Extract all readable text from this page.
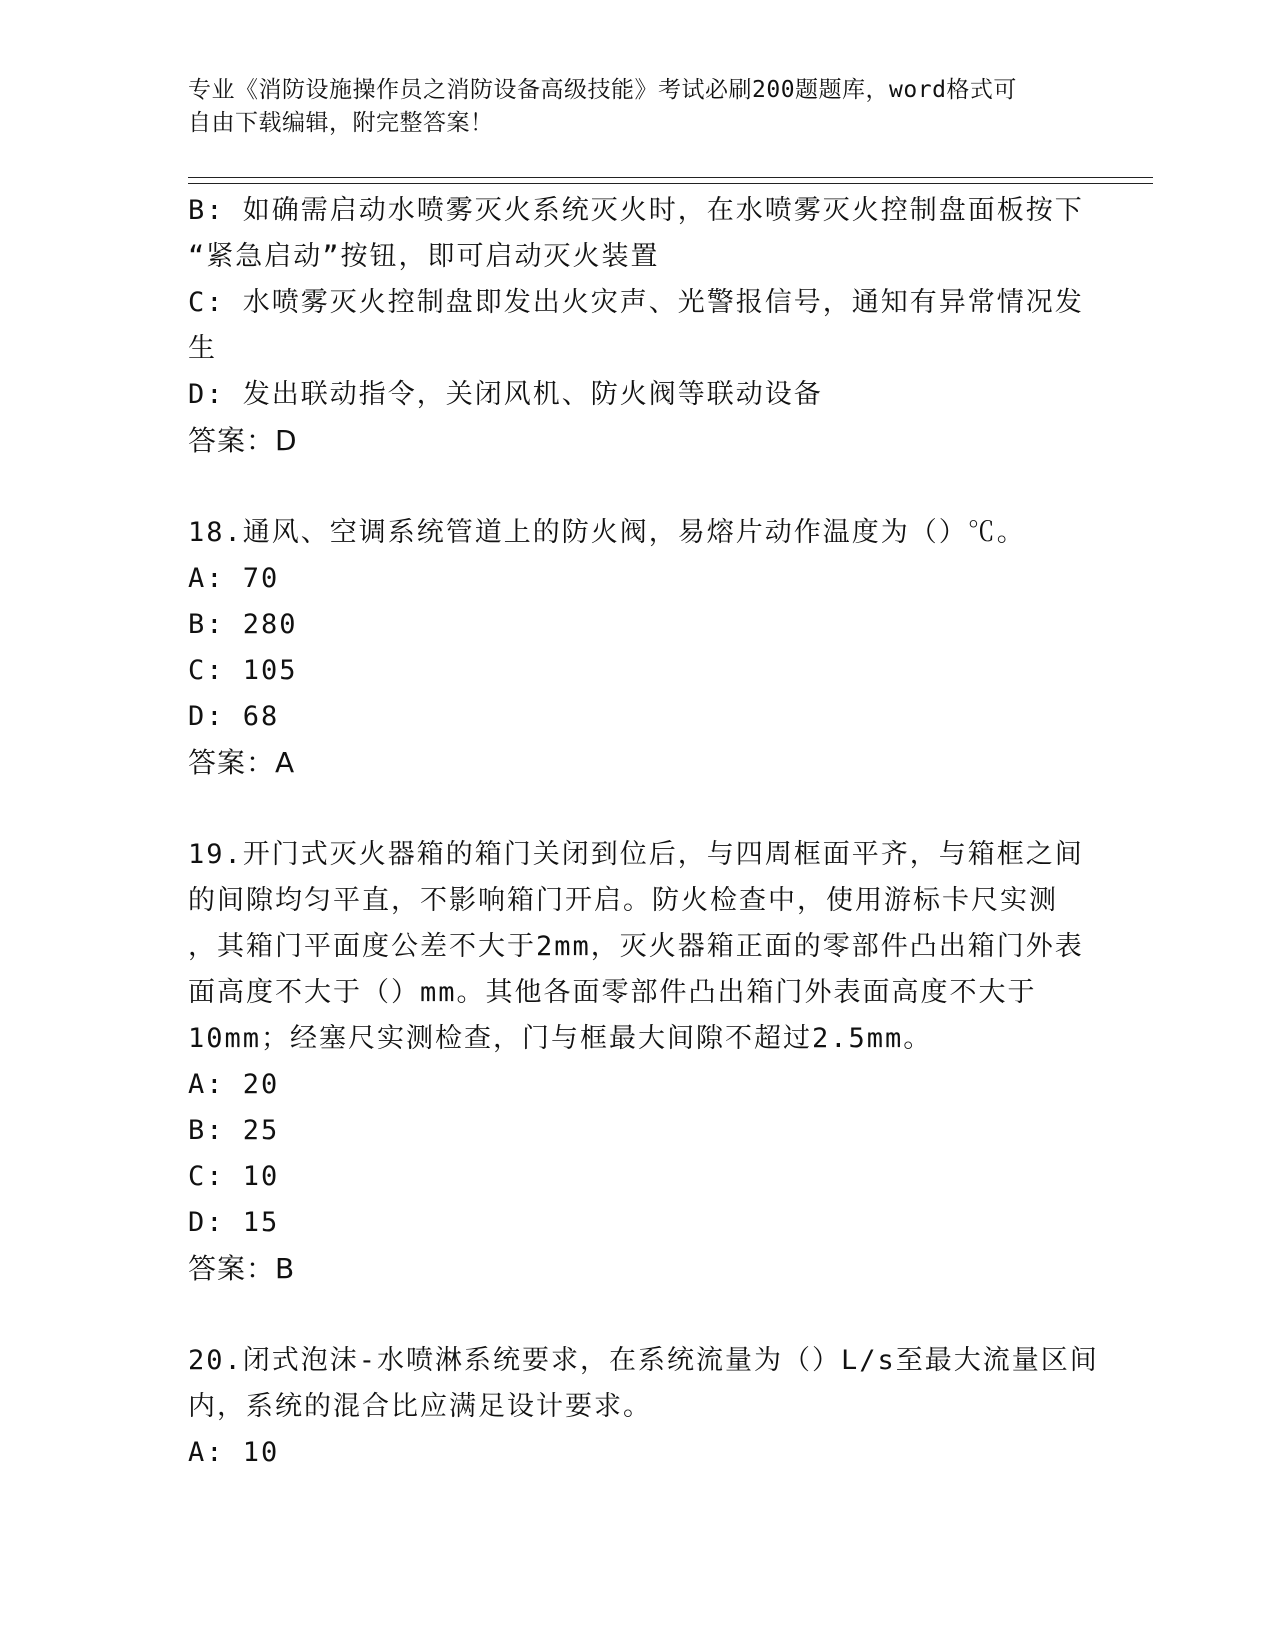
专业《消防设施操作员之消防设备高级技能》考试必刷200题题库，word格式可
自由下载编辑，附完整答案！
B: 如确需启动水喷雾灭火系统灭火时，在水喷雾灭火控制盘面板按下
“紧急启动”按钮，即可启动灭火装置
C: 水喷雾灭火控制盘即发出火灾声、光警报信号，通知有异常情况发
生
D: 发出联动指令，关闭风机、防火阀等联动设备
答案：D
18.通风、空调系统管道上的防火阀，易熔片动作温度为（）℃。
A: 70
B: 280
C: 105
D: 68
答案：A
19.开门式灭火器箱的箱门关闭到位后，与四周框面平齐，与箱框之间
的间隙均匀平直，不影响箱门开启。防火检查中，使用游标卡尺实测
，其箱门平面度公差不大于2mm，灭火器箱正面的零部件凸出箱门外表
面高度不大于（）mm。其他各面零部件凸出箱门外表面高度不大于
10mm；经塞尺实测检查，门与框最大间隙不超过2.5mm。
A: 20
B: 25
C: 10
D: 15
答案：B
20.闭式泡沫-水喷淋系统要求，在系统流量为（）L/s至最大流量区间
内，系统的混合比应满足设计要求。
A: 10
